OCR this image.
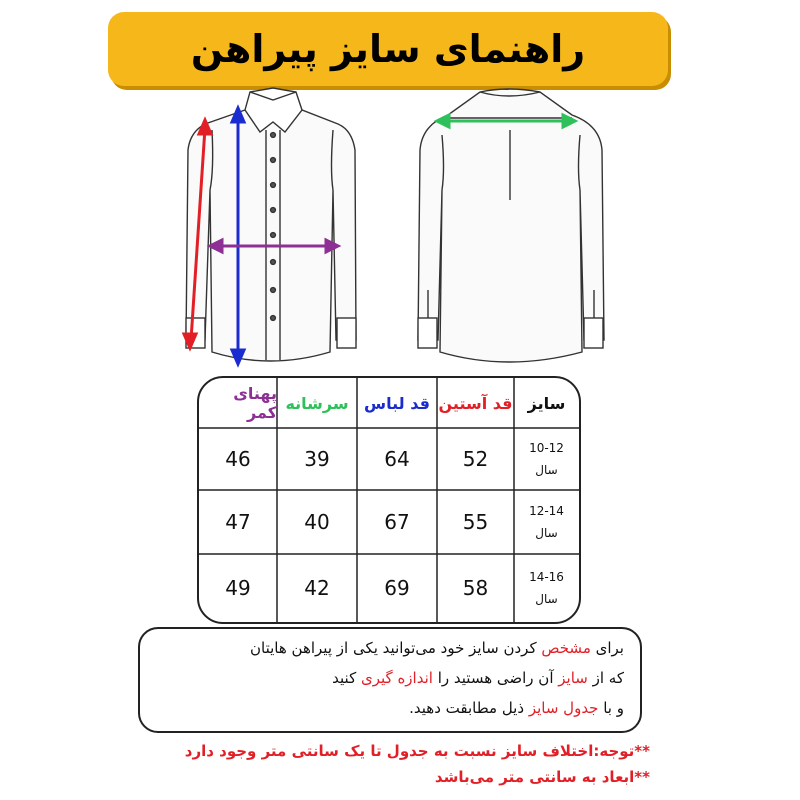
راهنمای سایز پیراهن
سایز
قد آستین
قد لباس
سرشانه
پهنای کمر
10-12
سال
52
64
39
46
12-14
سال
55
67
40
47
14-16
سال
58
69
42
49
برای مشخص کردن سایز خود می‌توانید یکی از پیراهن هایتان
که از سایز آن راضی هستید را اندازه گیری کنید
و با جدول سایز ذیل مطابقت دهید.
**توجه:اختلاف سایز نسبت به جدول تا یک سانتی متر وجود دارد
**ابعاد به سانتی متر می‌باشد
